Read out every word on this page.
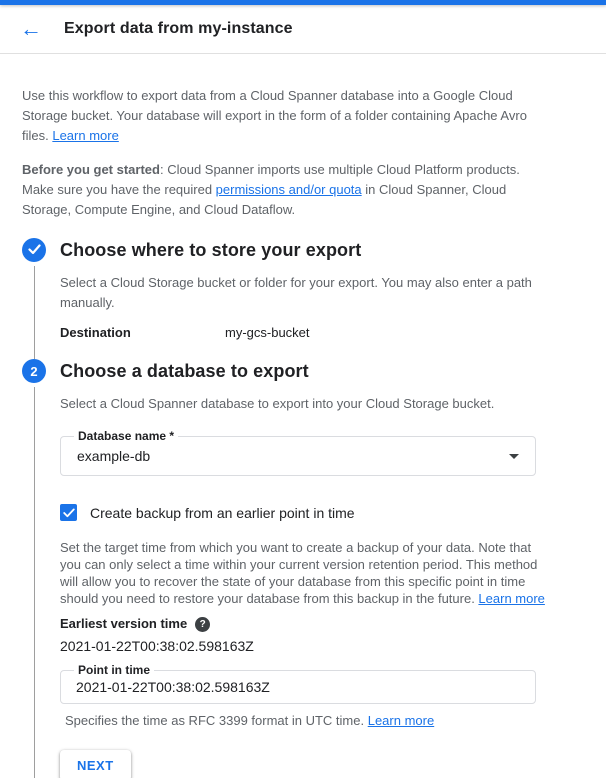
← Export data from my-instance

Use this workflow to export data from a Cloud Spanner database into a Google Cloud Storage bucket. Your database will export in the form of a folder containing Apache Avro files. Learn more

Before you get started: Cloud Spanner imports use multiple Cloud Platform products. Make sure you have the required permissions and/or quota in Cloud Spanner, Cloud Storage, Compute Engine, and Cloud Dataflow.

Choose where to store your export
Select a Cloud Storage bucket or folder for your export. You may also enter a path manually.
Destination	my-gcs-bucket
2 Choose a database to export
Select a Cloud Spanner database to export into your Cloud Storage bucket.
Database name *
example-db
Create backup from an earlier point in time

Set the target time from which you want to create a backup of your data. Note that you can only select a time within your current version retention period. This method will allow you to recover the state of your database from this specific point in time should you need to restore your database from this backup in the future. Learn more

Earliest version time	?
2021-01-22T00:38:02.598163Z
Point in time
2021-01-22T00:38:02.598163Z
Specifies the time as RFC 3399 format in UTC time. Learn more
NEXT
